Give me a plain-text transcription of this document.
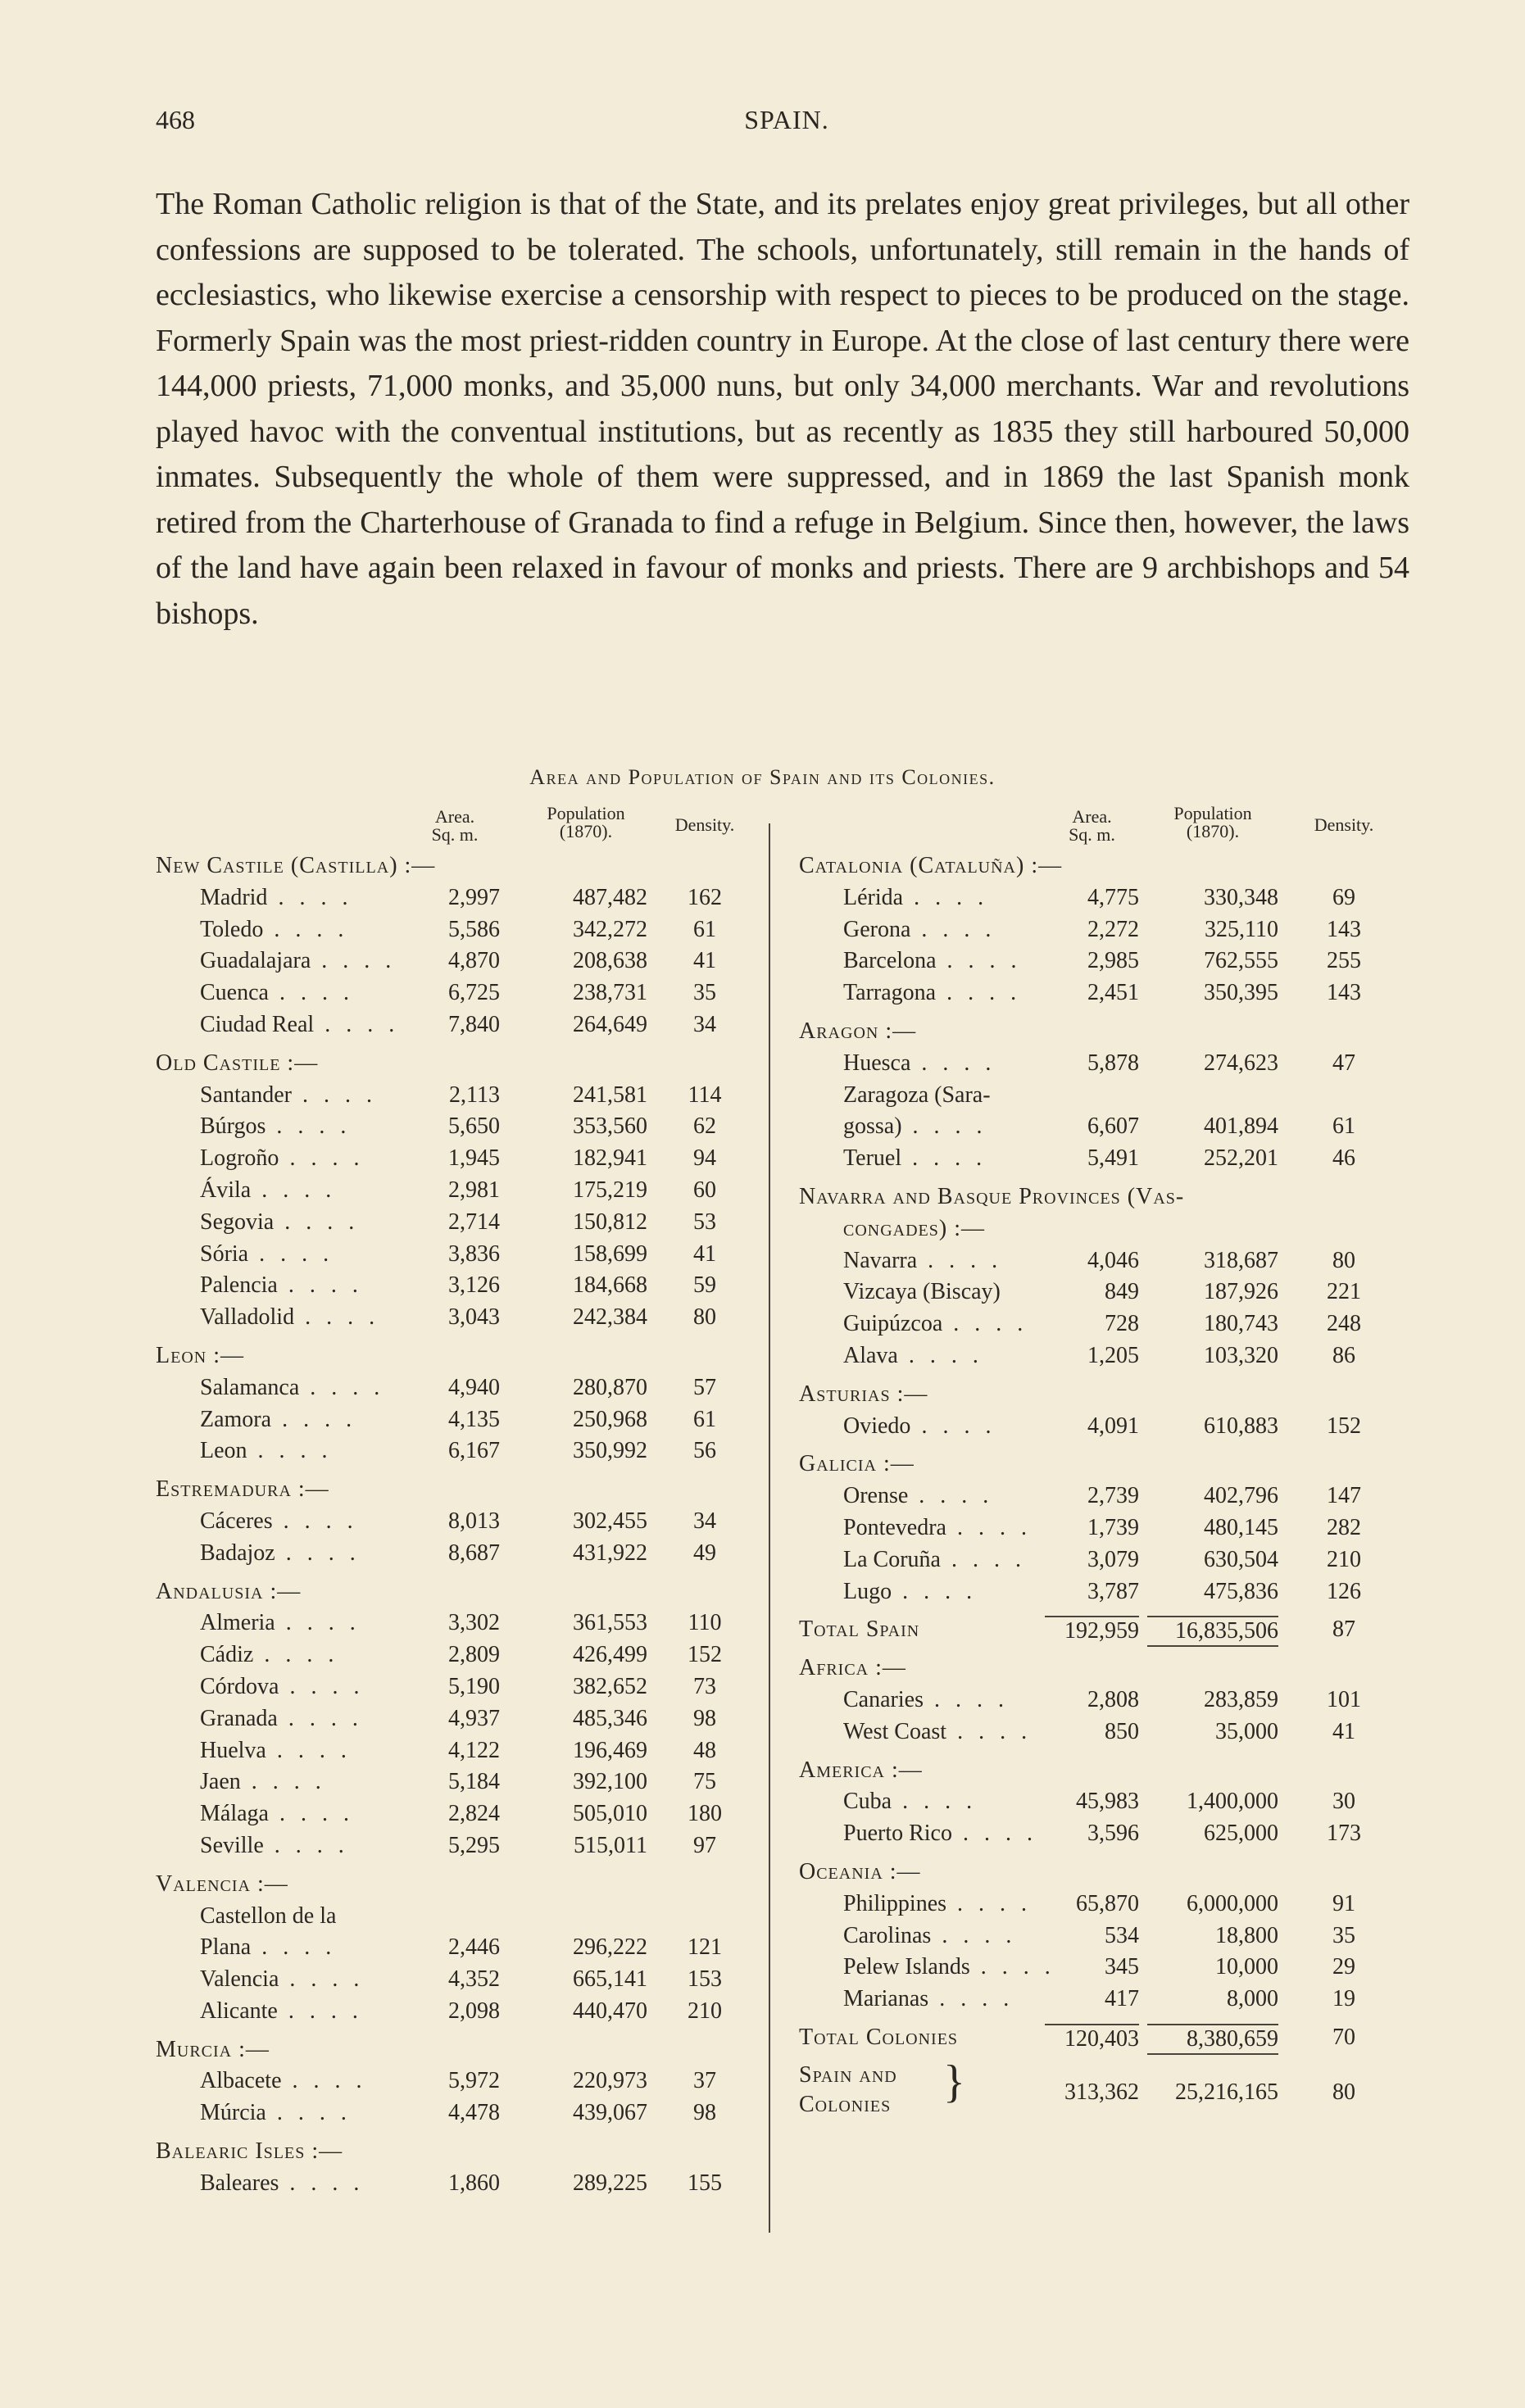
468	SPAIN.

The Roman Catholic religion is that of the State, and its prelates enjoy great privileges, but all other confessions are supposed to be tolerated. The schools, unfortunately, still remain in the hands of ecclesiastics, who likewise exercise a censorship with respect to pieces to be produced on the stage. Formerly Spain was the most priest-ridden country in Europe. At the close of last century there were 144,000 priests, 71,000 monks, and 35,000 nuns, but only 34,000 merchants. War and revolutions played havoc with the conventual institutions, but as recently as 1835 they still harboured 50,000 inmates. Subsequently the whole of them were suppressed, and in 1869 the last Spanish monk retired from the Charterhouse of Granada to find a refuge in Belgium. Since then, however, the laws of the land have again been relaxed in favour of monks and priests. There are 9 archbishops and 54 bishops.

Area and Population of Spain and its Colonies.
Area.
Sq. m.
Population
(1870).	Density.
New Castile (Castilla) :—
Madrid . . . .	2,997	487,482	162
Toledo . . . .	5,586	342,272	61
Guadalajara . . . .	4,870	208,638	41
Cuenca . . . .	6,725	238,731	35
Ciudad Real . . . .	7,840	264,649	34
Old Castile :—
Santander . . . .	2,113	241,581	114
Búrgos . . . .	5,650	353,560	62
Logroño . . . .	1,945	182,941	94
Ávila . . . .	2,981	175,219	60
Segovia . . . .	2,714	150,812	53
Sória . . . .	3,836	158,699	41
Palencia . . . .	3,126	184,668	59
Valladolid . . . .	3,043	242,384	80
Leon :—
Salamanca . . . .	4,940	280,870	57
Zamora . . . .	4,135	250,968	61
Leon . . . .	6,167	350,992	56
Estremadura :—
Cáceres . . . .	8,013	302,455	34
Badajoz . . . .	8,687	431,922	49
Andalusia :—
Almeria . . . .	3,302	361,553	110
Cádiz . . . .	2,809	426,499	152
Córdova . . . .	5,190	382,652	73
Granada . . . .	4,937	485,346	98
Huelva . . . .	4,122	196,469	48
Jaen . . . .	5,184	392,100	75
Málaga . . . .	2,824	505,010	180
Seville . . . .	5,295	515,011	97
Valencia :—
Castellon de la
Plana . . . .	2,446	296,222	121
Valencia . . . .	4,352	665,141	153
Alicante . . . .	2,098	440,470	210
Murcia :—
Albacete . . . .	5,972	220,973	37
Múrcia . . . .	4,478	439,067	98
Balearic Isles :—
Baleares . . . .	1,860	289,225	155
Area.
Sq. m.
Population
(1870).	Density.
Catalonia (Cataluña) :—
Lérida . . . .	4,775	330,348	69
Gerona . . . .	2,272	325,110	143
Barcelona . . . .	2,985	762,555	255
Tarragona . . . .	2,451	350,395	143
Aragon :—
Huesca . . . .	5,878	274,623	47
Zaragoza (Sara-
gossa) . . . .	6,607	401,894	61
Teruel . . . .	5,491	252,201	46
Navarra and Basque Provinces (Vas-
congades) :—
Navarra . . . .	4,046	318,687	80
Vizcaya (Biscay)	849	187,926	221
Guipúzcoa . . . .	728	180,743	248
Alava . . . .	1,205	103,320	86
Asturias :—
Oviedo . . . .	4,091	610,883	152
Galicia :—
Orense . . . .	2,739	402,796	147
Pontevedra . . . .	1,739	480,145	282
La Coruña . . . .	3,079	630,504	210
Lugo . . . .	3,787	475,836	126
Total Spain	192,959	16,835,506	87
Africa :—
Canaries . . . .	2,808	283,859	101
West Coast . . . .	850	35,000	41
America :—
Cuba . . . .	45,983	1,400,000	30
Puerto Rico . . . .	3,596	625,000	173
Oceania :—
Philippines . . . .	65,870	6,000,000	91
Carolinas . . . .	534	18,800	35
Pelew Islands . . . .	345	10,000	29
Marianas . . . .	417	8,000	19
Total Colonies	120,403	8,380,659	70
Spain and
Colonies }	313,362	25,216,165	80
